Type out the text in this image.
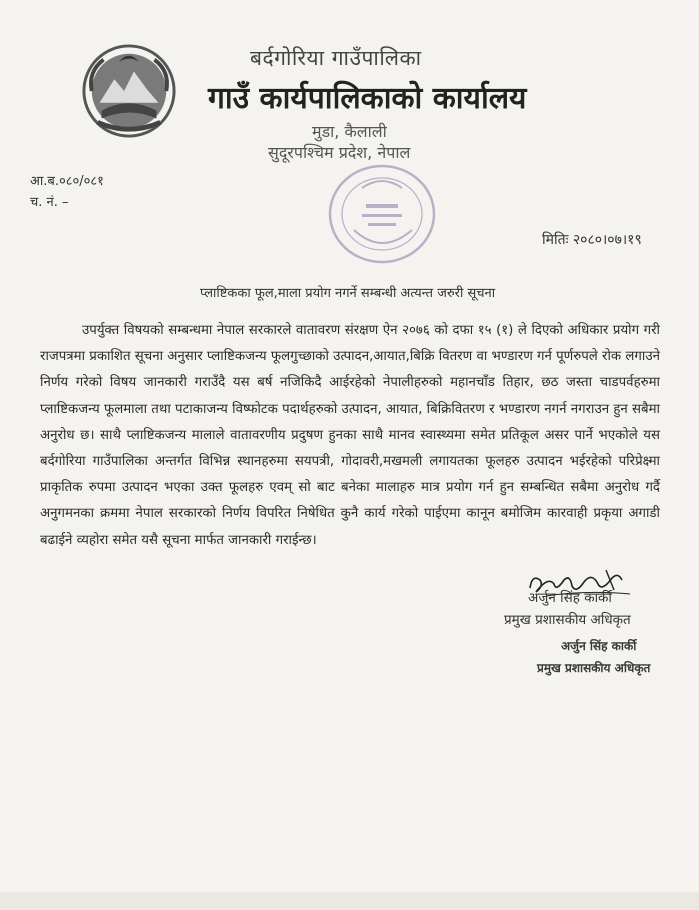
बर्दगोरिया गाउँपालिका
गाउँ कार्यपालिकाको कार्यालय
मुडा, कैलाली
सुदूरपश्चिम प्रदेश, नेपाल
आ.ब.०८०/०८१
च. नं. –
मितिः २०८०।०७।१९
प्लाष्टिकका फूल,माला प्रयोग नगर्ने सम्बन्धी अत्यन्त जरुरी सूचना

उपर्युक्त विषयको सम्बन्धमा नेपाल सरकारले वातावरण संरक्षण ऐन २०७६ को दफा १५ (१) ले दिएको अधिकार प्रयोग गरी राजपत्रमा प्रकाशित सूचना अनुसार प्लाष्टिकजन्य फूलगुच्छाको उत्पादन,आयात,बिक्रि वितरण वा भण्डारण गर्न पूर्णरुपले रोक लगाउने निर्णय गरेको विषय जानकारी गराउँदै यस बर्ष नजिकिदै आईरहेको नेपालीहरुको महानचाँड तिहार, छठ जस्ता चाडपर्वहरुमा प्लाष्टिकजन्य फूलमाला तथा पटाकाजन्य विष्फोटक पदार्थहरुको उत्पादन, आयात, बिक्रिवितरण र भण्डारण नगर्न नगराउन हुन सबैमा अनुरोध छ। साथै प्लाष्टिकजन्य मालाले वातावरणीय प्रदुषण हुनका साथै मानव स्वास्थ्यमा समेत प्रतिकूल असर पार्ने भएकोले यस बर्दगोरिया गाउँपालिका अन्तर्गत विभिन्न स्थानहरुमा सयपत्री, गोदावरी,मखमली लगायतका फूलहरु उत्पादन भईरहेको परिप्रेक्ष्मा प्राकृतिक रुपमा उत्पादन भएका उक्त फूलहरु एवम् सो बाट बनेका मालाहरु मात्र प्रयोग गर्न हुन सम्बन्धित सबैमा अनुरोध गर्दै अनुगमनका क्रममा नेपाल सरकारको निर्णय विपरित निषेधित कुनै कार्य गरेको पाईएमा कानून बमोजिम कारवाही प्रकृया अगाडी बढाईने व्यहोरा समेत यसै सूचना मार्फत जानकारी गराईन्छ।

अर्जुन सिंह कार्की
प्रमुख प्रशासकीय अधिकृत
अर्जुन सिंह कार्की
प्रमुख प्रशासकीय अधिकृत
